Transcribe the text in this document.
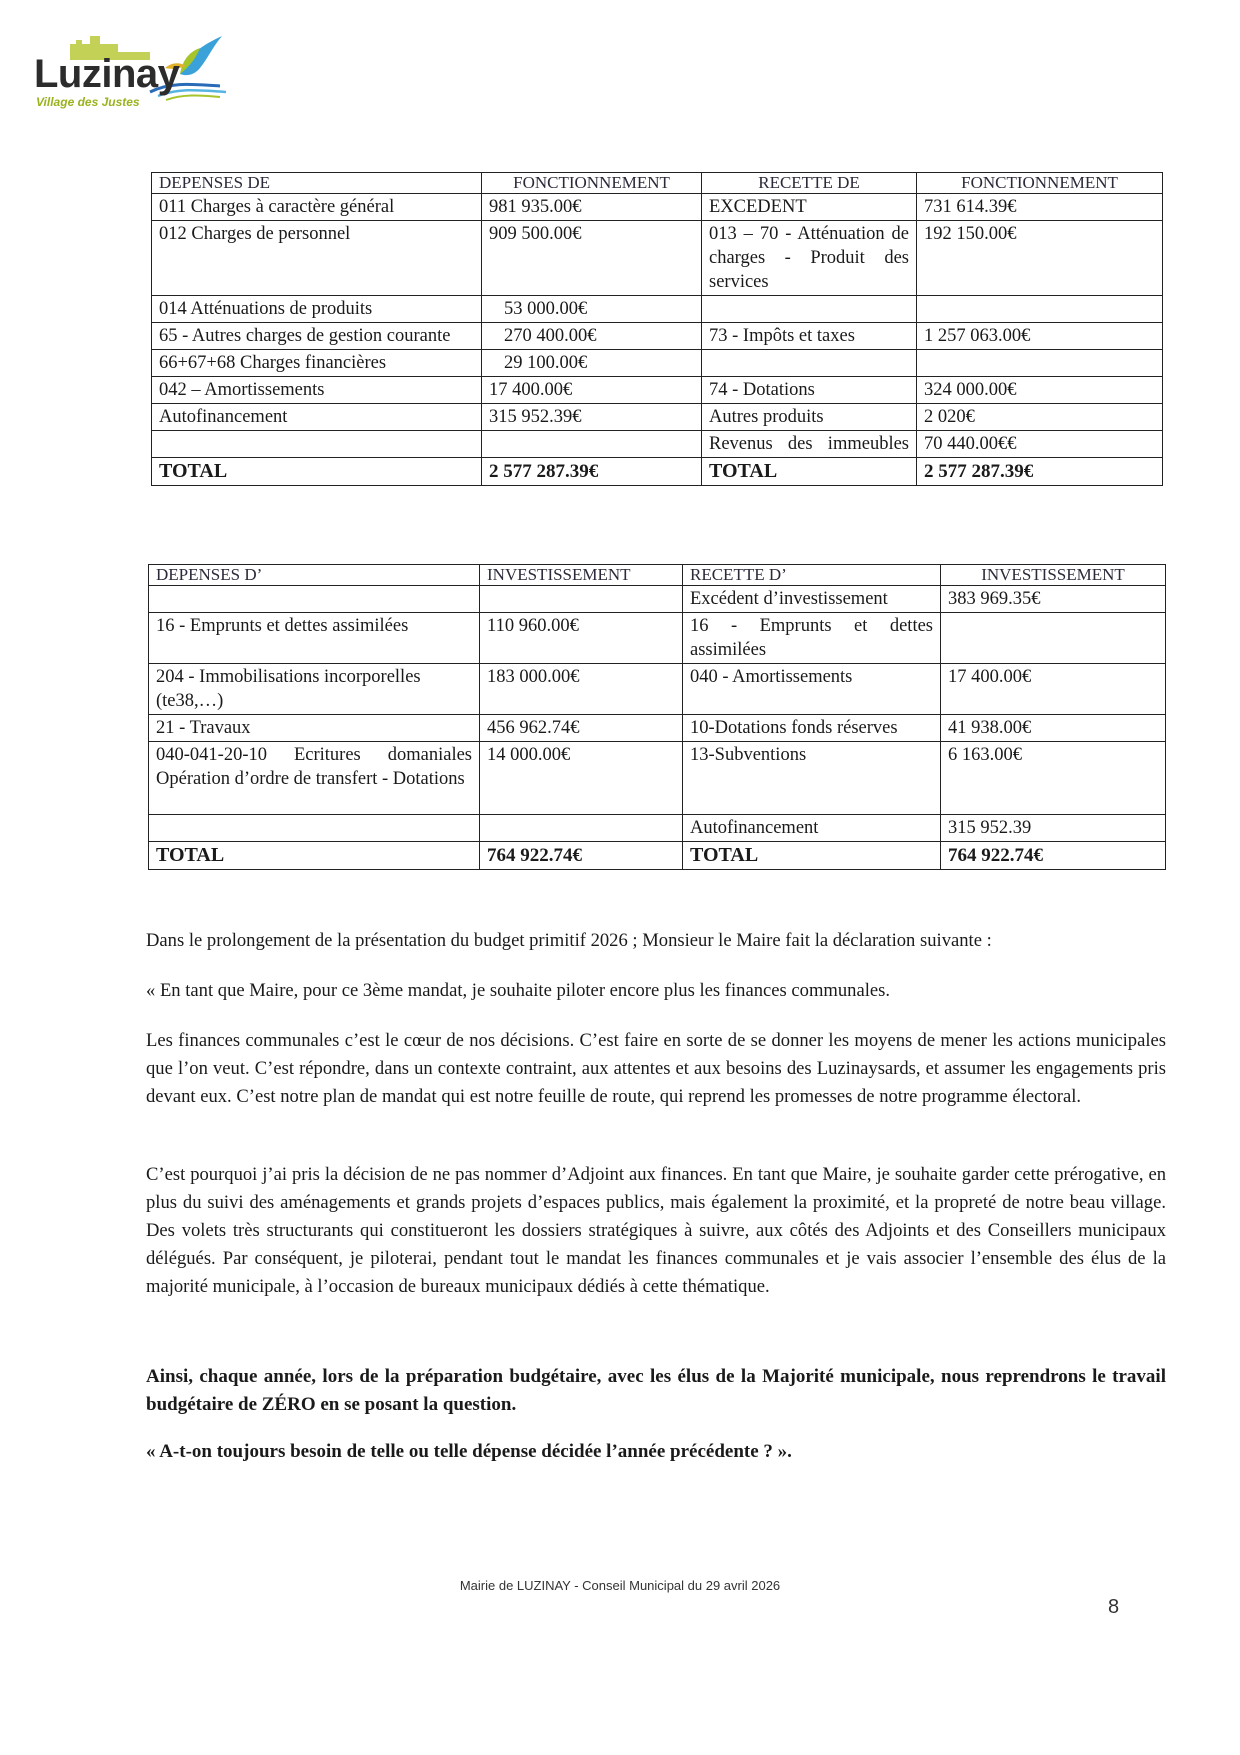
Luzinay
Village des Justes
DEPENSES DE	FONCTIONNEMENT	RECETTE DE	FONCTIONNEMENT
011 Charges à caractère général	981 935.00€	EXCEDENT	731 614.39€
012 Charges de personnel	909 500.00€	013 – 70 - Atténuation de charges - Produit des services	192 150.00€
014 Atténuations de produits	53 000.00€		
65 - Autres charges de gestion courante	270 400.00€	73 - Impôts et taxes	1 257 063.00€
66+67+68 Charges financières	29 100.00€		
042 – Amortissements	17 400.00€	74 - Dotations	324 000.00€
Autofinancement	315 952.39€	Autres produits	2 020€
		Revenus des immeubles	70 440.00€€
TOTAL	2 577 287.39€	TOTAL	2 577 287.39€
DEPENSES D’	INVESTISSEMENT	RECETTE D’	INVESTISSEMENT
		Excédent d’investissement	383 969.35€
16 - Emprunts et dettes assimilées	110 960.00€	16 - Emprunts et dettes assimilées	
204 - Immobilisations incorporelles (te38,…)	183 000.00€	040 - Amortissements	17 400.00€
21 - Travaux	456 962.74€	10-Dotations fonds réserves	41 938.00€
040-041-20-10 Ecritures domaniales Opération d’ordre de transfert - Dotations	14 000.00€	13-Subventions	6 163.00€
		Autofinancement	315 952.39
TOTAL	764 922.74€	TOTAL	764 922.74€

Dans le prolongement de la présentation du budget primitif 2026 ; Monsieur le Maire fait la déclaration suivante :

« En tant que Maire, pour ce 3ème mandat, je souhaite piloter encore plus les finances communales.

Les finances communales c’est le cœur de nos décisions. C’est faire en sorte de se donner les moyens de mener les actions municipales que l’on veut. C’est répondre, dans un contexte contraint, aux attentes et aux besoins des Luzinaysards, et assumer les engagements pris devant eux. C’est notre plan de mandat qui est notre feuille de route, qui reprend les promesses de notre programme électoral.

C’est pourquoi j’ai pris la décision de ne pas nommer d’Adjoint aux finances. En tant que Maire, je souhaite garder cette prérogative, en plus du suivi des aménagements et grands projets d’espaces publics, mais également la proximité, et la propreté de notre beau village. Des volets très structurants qui constitueront les dossiers stratégiques à suivre, aux côtés des Adjoints et des Conseillers municipaux délégués. Par conséquent, je piloterai, pendant tout le mandat les finances communales et je vais associer l’ensemble des élus de la majorité municipale, à l’occasion de bureaux municipaux dédiés à cette thématique.

Ainsi, chaque année, lors de la préparation budgétaire, avec les élus de la Majorité municipale, nous reprendrons le travail budgétaire de ZÉRO en se posant la question.

« A-t-on toujours besoin de telle ou telle dépense décidée l’année précédente ? ».

Mairie de LUZINAY - Conseil Municipal du 29 avril 2026
8
